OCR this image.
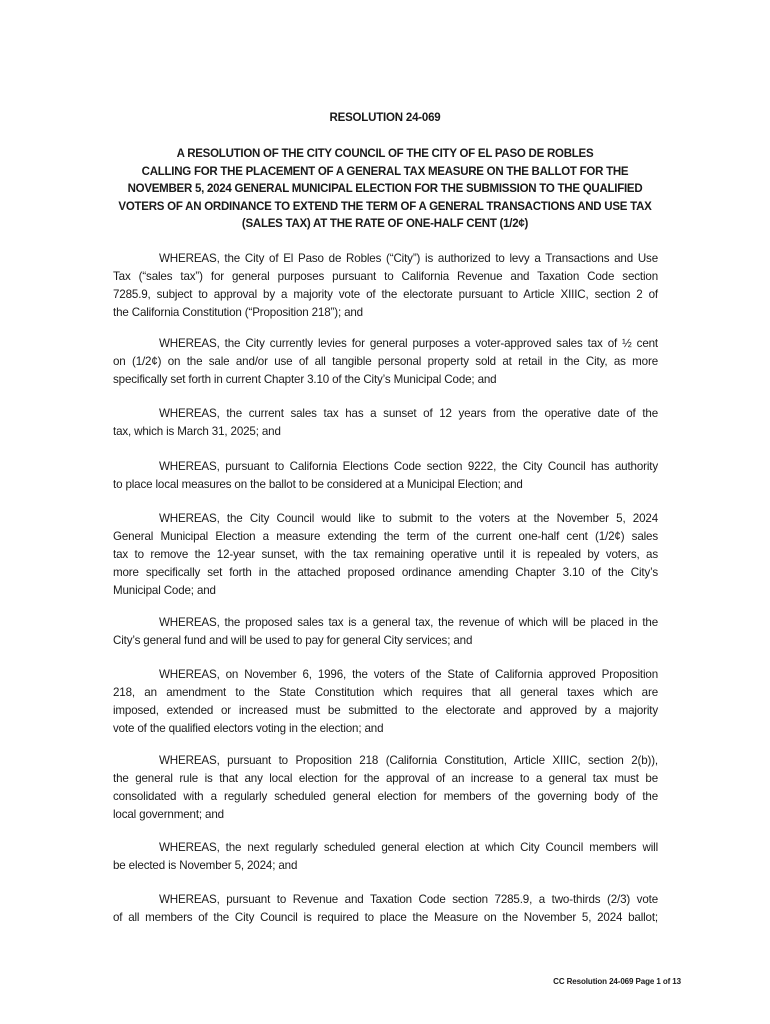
RESOLUTION 24-069
A RESOLUTION OF THE CITY COUNCIL OF THE CITY OF EL PASO DE ROBLES
CALLING FOR THE PLACEMENT OF A GENERAL TAX MEASURE ON THE BALLOT FOR THE
NOVEMBER 5, 2024 GENERAL MUNICIPAL ELECTION FOR THE SUBMISSION TO THE QUALIFIED
VOTERS OF AN ORDINANCE TO EXTEND THE TERM OF A GENERAL TRANSACTIONS AND USE TAX
(SALES TAX) AT THE RATE OF ONE-HALF CENT (1/2¢)
WHEREAS, the City of El Paso de Robles (“City”) is authorized to levy a Transactions and Use
Tax (“sales tax”) for general purposes pursuant to California Revenue and Taxation Code section
7285.9, subject to approval by a majority vote of the electorate pursuant to Article XIIIC, section 2 of
the California Constitution (“Proposition 218”); and
WHEREAS, the City currently levies for general purposes a voter-approved sales tax of ½ cent
on (1/2¢) on the sale and/or use of all tangible personal property sold at retail in the City, as more
specifically set forth in current Chapter 3.10 of the City’s Municipal Code; and
WHEREAS, the current sales tax has a sunset of 12 years from the operative date of the
tax, which is March 31, 2025; and
WHEREAS, pursuant to California Elections Code section 9222, the City Council has authority
to place local measures on the ballot to be considered at a Municipal Election; and
WHEREAS, the City Council would like to submit to the voters at the November 5, 2024
General Municipal Election a measure extending the term of the current one-half cent (1/2¢) sales
tax to remove the 12-year sunset, with the tax remaining operative until it is repealed by voters, as
more specifically set forth in the attached proposed ordinance amending Chapter 3.10 of the City’s
Municipal Code; and
WHEREAS, the proposed sales tax is a general tax, the revenue of which will be placed in the
City’s general fund and will be used to pay for general City services; and
WHEREAS, on November 6, 1996, the voters of the State of California approved Proposition
218, an amendment to the State Constitution which requires that all general taxes which are
imposed, extended or increased must be submitted to the electorate and approved by a majority
vote of the qualified electors voting in the election; and
WHEREAS, pursuant to Proposition 218 (California Constitution, Article XIIIC, section 2(b)),
the general rule is that any local election for the approval of an increase to a general tax must be
consolidated with a regularly scheduled general election for members of the governing body of the
local government; and
WHEREAS, the next regularly scheduled general election at which City Council members will
be elected is November 5, 2024; and
WHEREAS, pursuant to Revenue and Taxation Code section 7285.9, a two-thirds (2/3) vote
of all members of the City Council is required to place the Measure on the November 5, 2024 ballot;
CC Resolution 24-069 Page 1 of 13
